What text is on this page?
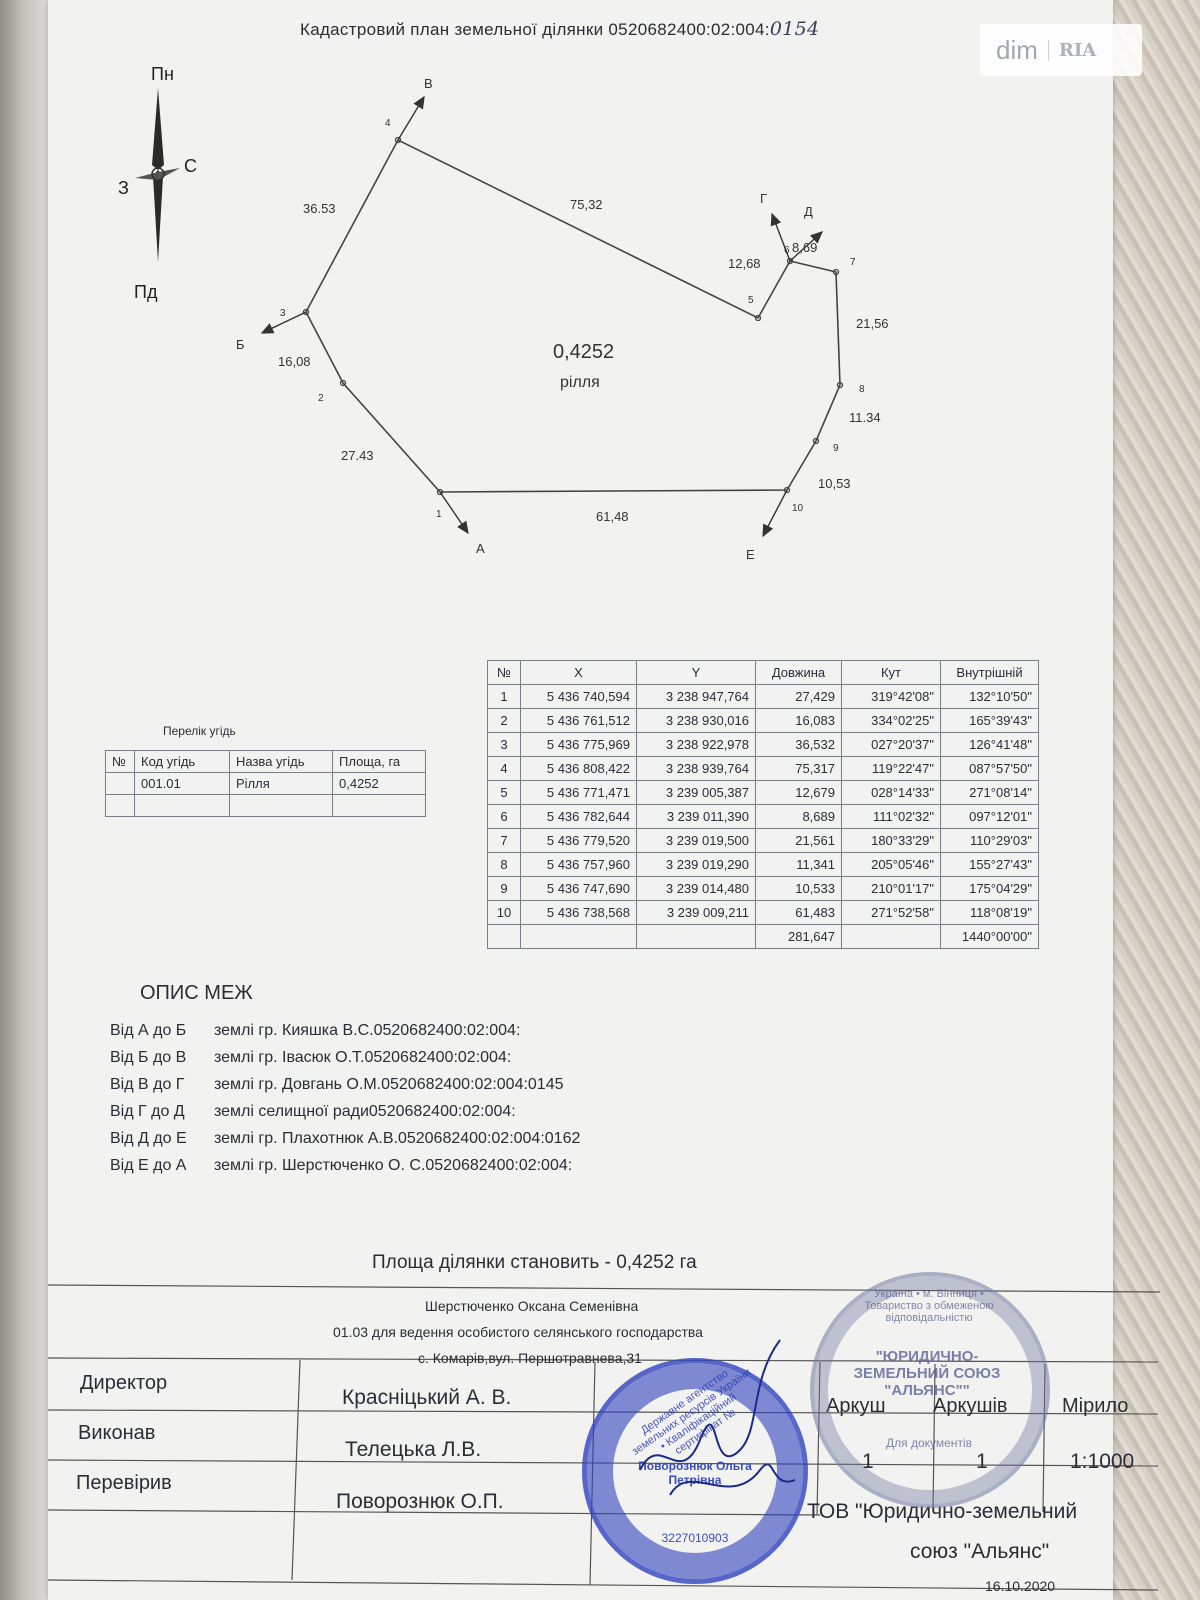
dim	RIA
Кадастровий план земельної ділянки 0520682400:02:004:0154
Пн
Пд
З
С
0,4252
рілля
1
2
3
4
5
6
7
8
9
10
27.43
16,08
36.53	75,32
12,68
8,69
21,56
11.34
10,53
61,48
А
Б
В
Г
Д
Е
Перелік угідь
№	Код угідь	Назва угідь	Площа, га
	001.01	Рілля	0,4252

№	X	Y	Довжина	Кут	Внутрішній
1	5 436 740,594	3 238 947,764	27,429	319°42'08"	132°10'50"
2	5 436 761,512	3 238 930,016	16,083	334°02'25"	165°39'43"
3	5 436 775,969	3 238 922,978	36,532	027°20'37"	126°41'48"
4	5 436 808,422	3 238 939,764	75,317	119°22'47"	087°57'50"
5	5 436 771,471	3 239 005,387	12,679	028°14'33"	271°08'14"
6	5 436 782,644	3 239 011,390	8,689	111°02'32"	097°12'01"
7	5 436 779,520	3 239 019,500	21,561	180°33'29"	110°29'03"
8	5 436 757,960	3 239 019,290	11,341	205°05'46"	155°27'43"
9	5 436 747,690	3 239 014,480	10,533	210°01'17"	175°04'29"
10	5 436 738,568	3 239 009,211	61,483	271°52'58"	118°08'19"
			281,647		1440°00'00"
ОПИС МЕЖ
Від А до Б землі гр. Кияшка В.С.0520682400:02:004:
Від Б до В землі гр. Івасюк О.Т.0520682400:02:004:
Від В до Г землі гр. Довгань О.М.0520682400:02:004:0145
Від Г до Д землі селищної ради0520682400:02:004:
Від Д до Е землі гр. Плахотнюк А.В.0520682400:02:004:0162
Від Е до А землі гр. Шерстюченко О. С.0520682400:02:004:
Площа ділянки становить - 0,4252 га
Шерстюченко Оксана Семенівна
01.03 для ведення особистого селянського господарства
с. Комарів,вул. Першотравнева,31
Директор
Виконав
Перевірив
Красніцький А. В.
Телецька Л.В.
Поворознюк О.П.
Аркуш Аркушів	Мірило
1	1	1:1000
ТОВ "Юридично-земельний
союз "Альянс"
16.10.2020
Україна • м. Вінниця • Товариство з обмеженою відповідальністю
"ЮРИДИЧНО-ЗЕМЕЛЬНИЙ СОЮЗ "АЛЬЯНС""
Для документів
Державне агентство земельних ресурсів України • Кваліфікаційний сертифікат №
Поворознюк Ольга Петрівна
3227010903
